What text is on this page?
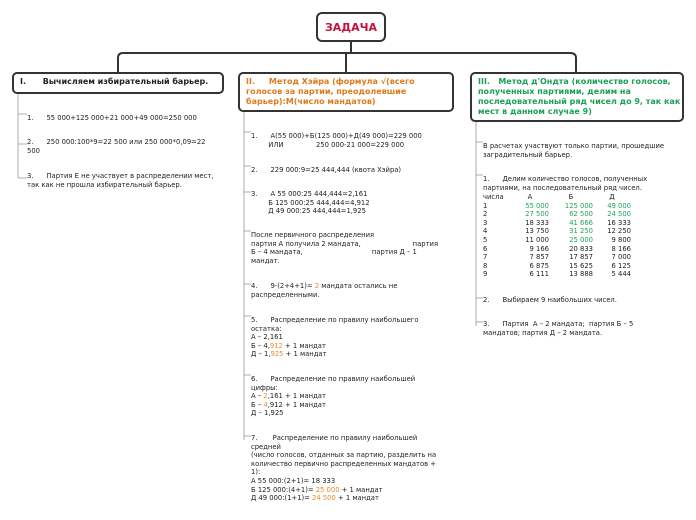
ЗАДАЧА
I.      Вычисляем избирательный барьер.
1.      55 000+125 000+21 000+49 000=250 000
2.      250 000:100*9=22 500 или 250 000*0,09=22
500
3.      Партия Е не участвует в распределении мест,
так как не прошла избирательный барьер.
II.     Метод Хэйра (формула √(всего
голосов за партии, преодолевшие
барьер):М(число мандатов)
1.      А(55 000)+Б(125 000)+Д(49 000)=229 000
ИЛИ               250 000-21 000=229 000
2.      229 000:9=25 444,444 (квота Хэйра)
3.      А 55 000:25 444,444=2,161
Б 125 000:25 444,444=4,912
Д 49 000:25 444,444=1,925
После первичного распределения
партия А получила 2 мандата,                        партия
Б – 4 мандата,                                партия Д – 1
мандат.
4.      9-(2+4+1)= 2 мандата остались не
распределенными.
5.      Распределение по правилу наибольшего
остатка:
А – 2,161
Б – 4,912 + 1 мандат
Д – 1,925 + 1 мандат
6.      Распределение по правилу наибольшей
цифры:
А – 2,161 + 1 мандат
Б – 4,912 + 1 мандат
Д – 1,925
7.       Распределение по правилу наибольшей
средней
(число голосов, отданных за партию, разделить на
количество первично распределенных мандатов +
1):
А 55 000:(2+1)= 18 333
Б 125 000:(4+1)= 25 000 + 1 мандат
Д 49 000:(1+1)= 24 500 + 1 мандат
III.   Метод д'Ондта (количество голосов,
полученных партиями, делим на
последовательный ряд чисел до 9, так как
мест в данном случае 9)
В расчетах участвуют только партии, прошедшие
заградительный барьер.
1.      Делим количество голосов, полученных
партиями, на последовательный ряд чисел.
числа	А	Б	Д
1	55 000	125 000	49 000
2	27 500	62 500	24 500
3	18 333	41 666	16 333
4	13 750	31 250	12 250
5	11 000	25 000	9 800
6	9 166	20 833	8 166
7	7 857	17 857	7 000
8	6 875	15 625	6 125
9	6 111	13 888	5 444
2.      Выбираем 9 наибольших чисел.
3.      Партия  А – 2 мандата;  партия Б – 5
мандатов; партия Д – 2 мандата.
